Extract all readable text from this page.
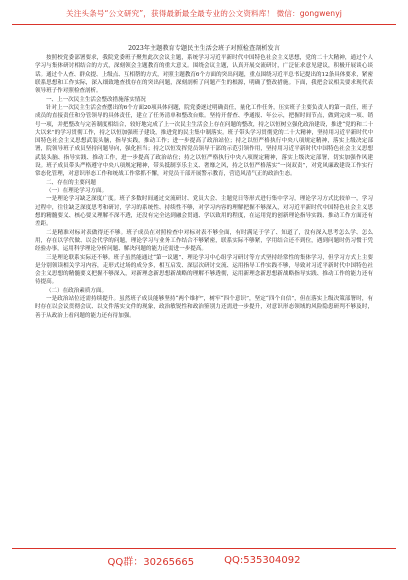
关注头条号“公文研究”，获得最新最全最专业的公文资料库！ 微信：gongwenyj

2023年主题教育专题民主生活会班子对照检查剖析发言

按照校党委部署要求，我院党委班子聚焦此次会议主题，系统学习习近平新时代中国特色社会主义思想，党的二十大精神，通过个人学习与集体研讨相结合的方式，深刻领会主题教育的重大意义。围绕会议主题，认真开展交流研讨，广泛征求意见建议，积极开展谈心谈话。通过个人查、群众提、上级点、互相帮的方式，对照主题教育6个方面的突出问题，重点围绕习近平总书记提出的12条具体要求，紧密联系思想和工作实际，深入细致地查找存在的突出问题，深刻剖析了问题产生的根源，明确了整改措施。下面，我把会议相关要求现代表领导班子作对照检查剖析。

一、上一次民主生活会整改措施落实情况

针对上一次民主生活会查摆出的6个方面20项具体问题，院党委逐过明确责任，量化工作任务，压实班子主要负责人的第一责任，班子成员的直接责任和分管领导的具体责任，建立了任务清单和整改台账。坚持开督查、季通报、年公示，把握时间节点，做到完成一项、销号一项，并把整改与完善制度相结合，较好地完成了上一次民主生活会上存在问题的整改，持之以恒树立强化政治建设，推进“党的和二十大以来”的学习贯彻工作，持之以恒加强班子建设，推进党的民主集中制落实。班子带头学习贯彻党的二十大精神，坚持用习近平新时代中国特色社会主义思想武装头脑，指导实践，推动工作；进一步提高了政治站位；持之以恒严格执行中央八项规定精神，落实上级决定部署，院领导班子成员坚持问题导向，强化担当；持之以恒发挥党员领导干部的示范引领作用，坚持用习近平新时代中国特色社会主义思想武装头脑、指导实践、推动工作，进一步提高了政治站位；持之以恒严格执行中央八项规定精神，落实上级决定部署，切实加强作风建设。班子成员带头严格遵守中央八项规定精神，带头抵制享乐主义、奢靡之风，持之以恒严格落实“一岗双责”，对党风廉政建设工作实行常态化管理，对意识形态工作和统战工作常抓不懈，对党员干部开展警示教育，营造风清气正的政治生态。

二、存在的主要问题

（一）在理论学习方面。

一是理论学习缺乏深度广度。班子多数时间通过交流研讨、党员大会、主题党日等形式进行集中学习，理论学习方式比较单一，学习过程中，往往缺乏深度思考和研讨，学习的系统性、持续性不够，对学习内容的理解把握不够深入，对习近平新时代中国特色社会主义思想的精髓要义、核心要义理解不深不透，还没有完全达到融会贯通、学以致用的程度，在运用党的创新理论指导实践、推动工作方面还有差距。

二是精准对标对表做得还不够。班子成员在对照检查中对标对表不够全面，有时满足于学了、知道了，没有深入思考怎么学、怎么用，存在以学代做、以会代学的问题，理论学习与业务工作结合不够紧密，联系实际不够紧，学用结合还不到位，遇到问题时仍习惯于凭经验办事，运用科学理论分析问题、解决问题的能力还需进一步提高。

三是理论联系实际还不够。班子虽然能通过“第一议题”、理论学习中心组学习研讨等方式坚持经常性的集体学习，但学习方式上主要是分别领读相关学习内容，走形式过场的成分多，相互启发、深层次研讨交流、运用指导工作实践不够，导致对习近平新时代中国特色社会主义思想的精髓要义把握不够深入，对新理念新思想新战略的理解不够透彻，运用新理念新思想新战略指导实践、推动工作的能力还有待提高。

（二）在政治素质方面。

一是政治站位还需持续提升。虽然班子成员能够坚持“两个维护”，树牢“四个意识”，坚定“四个自信”，但在落实上级决策部署时，有时存在以会议贯彻会议、以文件落实文件的现象，政治敏锐性和政治鉴别力还需进一步提升，对意识形态领域的风险隐患研判不够及时，善于从政治上看问题的能力还有待加强。

QQ群：30265665	QQ:535304092
